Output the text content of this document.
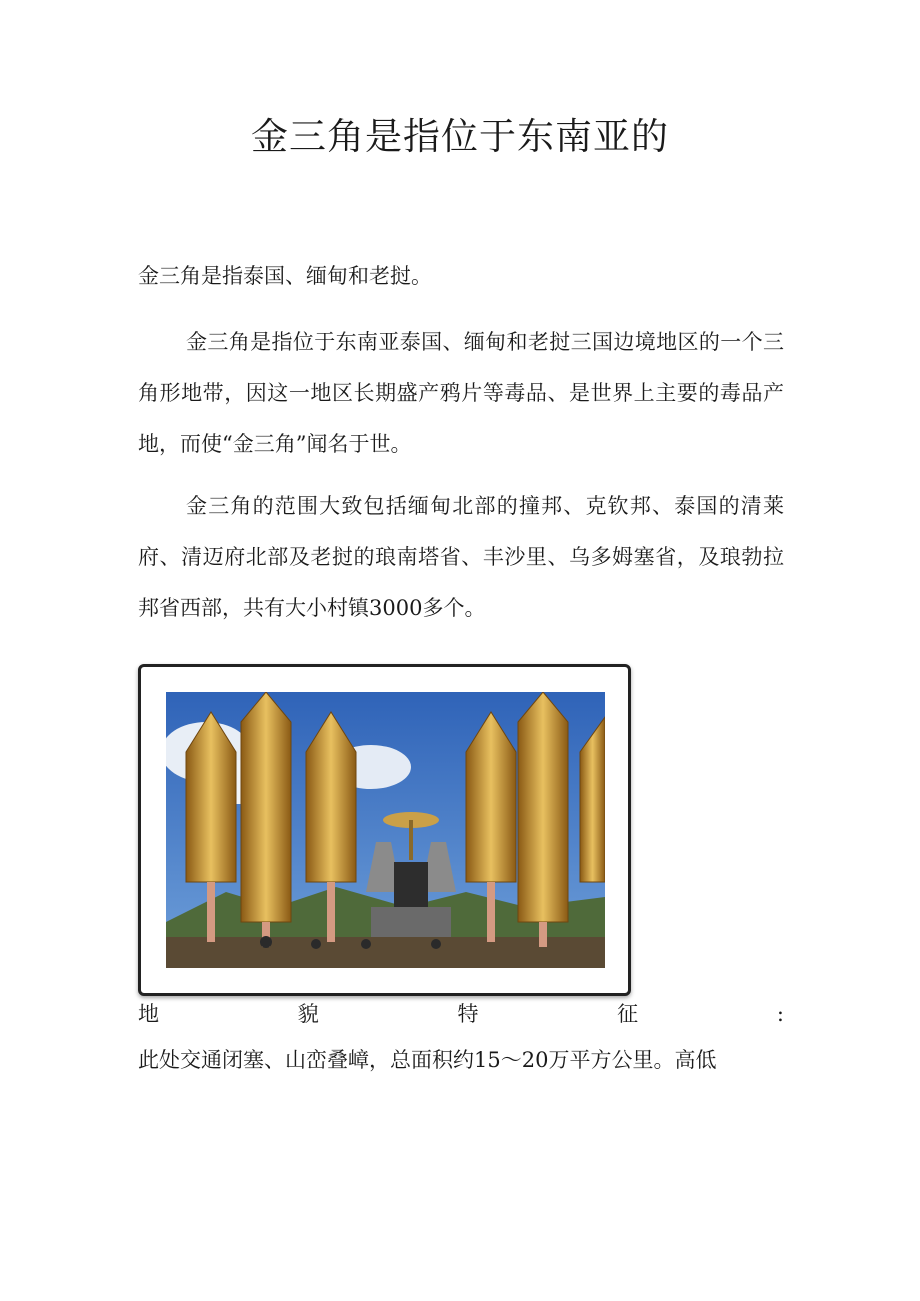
金三角是指位于东南亚的

金三角是指泰国、缅甸和老挝。

金三角是指位于东南亚泰国、缅甸和老挝三国边境地区的一个三角形地带，因这一地区长期盛产鸦片等毒品、是世界上主要的毒品产地，而使“金三角”闻名于世。

金三角的范围大致包括缅甸北部的撞邦、克钦邦、泰国的清莱府、清迈府北部及老挝的琅南塔省、丰沙里、乌多姆塞省，及琅勃拉邦省西部，共有大小村镇3000多个。

地	貌	特	征	:

此处交通闭塞、山峦叠嶂，总面积约15～20万平方公里。高低
